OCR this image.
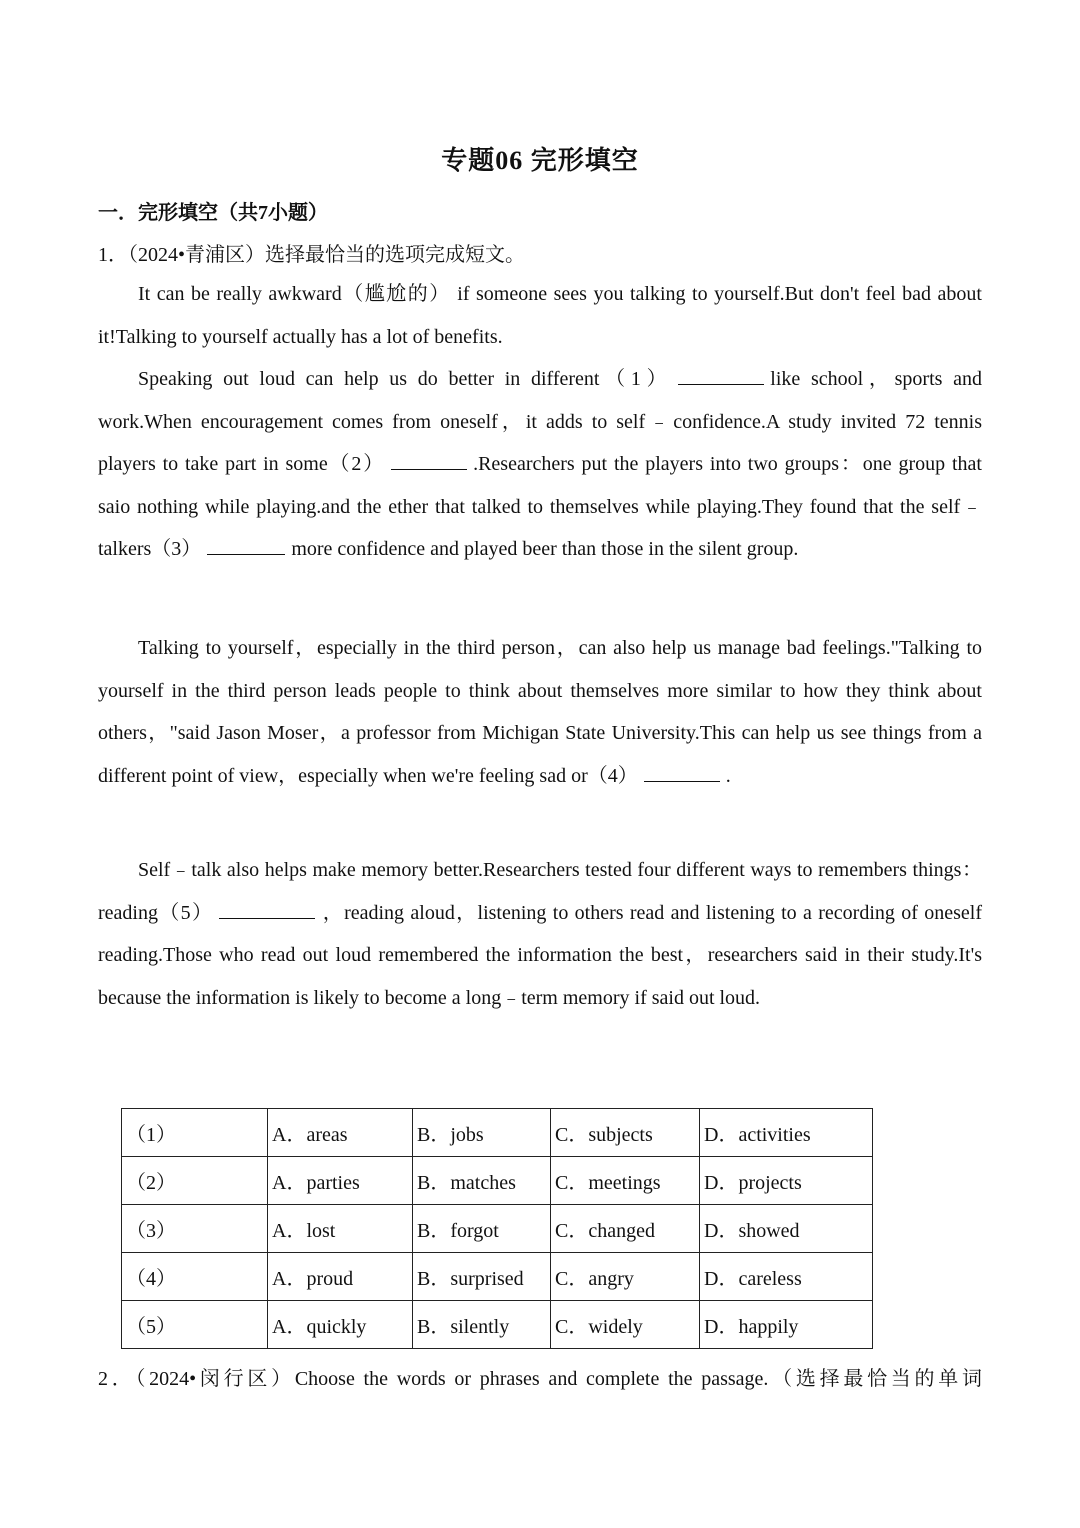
专题06 完形填空
一．完形填空（共7小题）
1．（2024•青浦区）选择最恰当的选项完成短文。
It can be really awkward（尴尬的） if someone sees you talking to yourself.But don't feel bad about it!Talking to yourself actually has a lot of benefits.
Speaking out loud can help us do better in different（1）	like school，sports and work.When encouragement comes from oneself，it adds to self﹣confidence.A study invited 72 tennis players to take part in some（2）	.Researchers put the players into two groups：one group that saio nothing while playing.and the ether that talked to themselves while playing.They found that the self﹣talkers（3）	more confidence and played beer than those in the silent group.
Talking to yourself，especially in the third person，can also help us manage bad feelings."Talking to yourself in the third person leads people to think about themselves more similar to how they think about others，"said Jason Moser，a professor from Michigan State University.This can help us see things from a different point of view，especially when we're feeling sad or（4）	.
Self﹣talk also helps make memory better.Researchers tested four different ways to remembers things：reading（5）	，reading aloud，listening to others read and listening to a recording of oneself reading.Those who read out loud remembered the information the best，researchers said in their study.It's because the information is likely to become a long﹣term memory if said out loud.
（1）	A．areas	B．jobs	C．subjects	D．activities
（2）	A．parties	B．matches	C．meetings	D．projects
（3）	A．lost	B．forgot	C．changed	D．showed
（4）	A．proud	B．surprised	C．angry	D．careless
（5）	A．quickly	B．silently	C．widely	D．happily
2．（2024•闵行区）Choose the words or phrases and complete the passage.（选择最恰当的单词
